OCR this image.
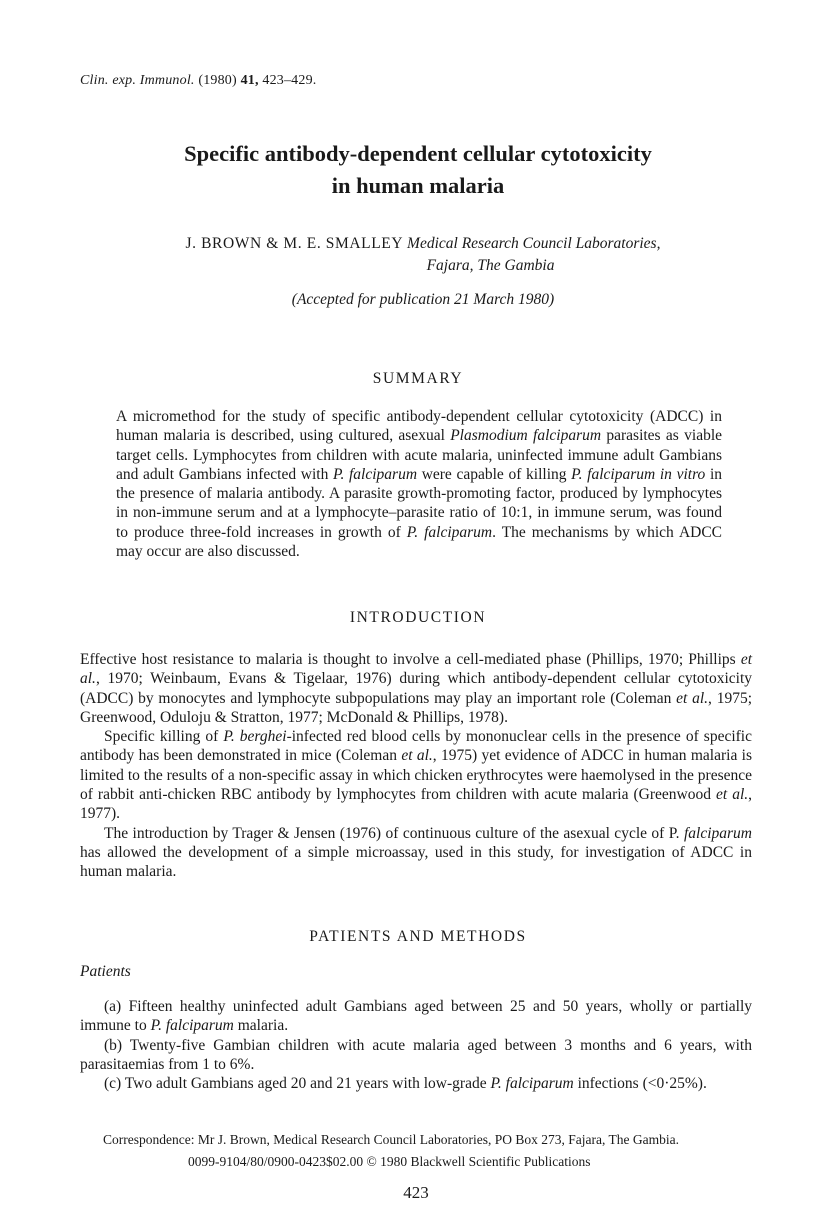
Clin. exp. Immunol. (1980) 41, 423–429.
Specific antibody-dependent cellular cytotoxicity
in human malaria
J. BROWN & M. E. SMALLEY Medical Research Council Laboratories,
Fajara, The Gambia
(Accepted for publication 21 March 1980)
SUMMARY
A micromethod for the study of specific antibody-dependent cellular cytotoxicity (ADCC) in human malaria is described, using cultured, asexual Plasmodium falciparum parasites as viable target cells. Lymphocytes from children with acute malaria, uninfected immune adult Gambians and adult Gambians infected with P. falciparum were capable of killing P. falciparum in vitro in the presence of malaria antibody. A parasite growth-promoting factor, produced by lymphocytes in non-immune serum and at a lymphocyte–parasite ratio of 10:1, in immune serum, was found to produce three-fold increases in growth of P. falciparum. The mechanisms by which ADCC may occur are also discussed.
INTRODUCTION

Effective host resistance to malaria is thought to involve a cell-mediated phase (Phillips, 1970; Phillips et al., 1970; Weinbaum, Evans & Tigelaar, 1976) during which antibody-dependent cellular cytotoxicity (ADCC) by monocytes and lymphocyte subpopulations may play an important role (Coleman et al., 1975; Greenwood, Oduloju & Stratton, 1977; McDonald & Phillips, 1978).

Specific killing of P. berghei-infected red blood cells by mononuclear cells in the presence of specific antibody has been demonstrated in mice (Coleman et al., 1975) yet evidence of ADCC in human malaria is limited to the results of a non-specific assay in which chicken erythrocytes were haemolysed in the presence of rabbit anti-chicken RBC antibody by lymphocytes from children with acute malaria (Greenwood et al., 1977).

The introduction by Trager & Jensen (1976) of continuous culture of the asexual cycle of P. falciparum has allowed the development of a simple microassay, used in this study, for investigation of ADCC in human malaria.

PATIENTS AND METHODS
Patients

(a) Fifteen healthy uninfected adult Gambians aged between 25 and 50 years, wholly or partially immune to P. falciparum malaria.

(b) Twenty-five Gambian children with acute malaria aged between 3 months and 6 years, with parasitaemias from 1 to 6%.

(c) Two adult Gambians aged 20 and 21 years with low-grade P. falciparum infections (<0·25%).

Correspondence: Mr J. Brown, Medical Research Council Laboratories, PO Box 273, Fajara, The Gambia.
0099-9104/80/0900-0423$02.00 © 1980 Blackwell Scientific Publications
423
